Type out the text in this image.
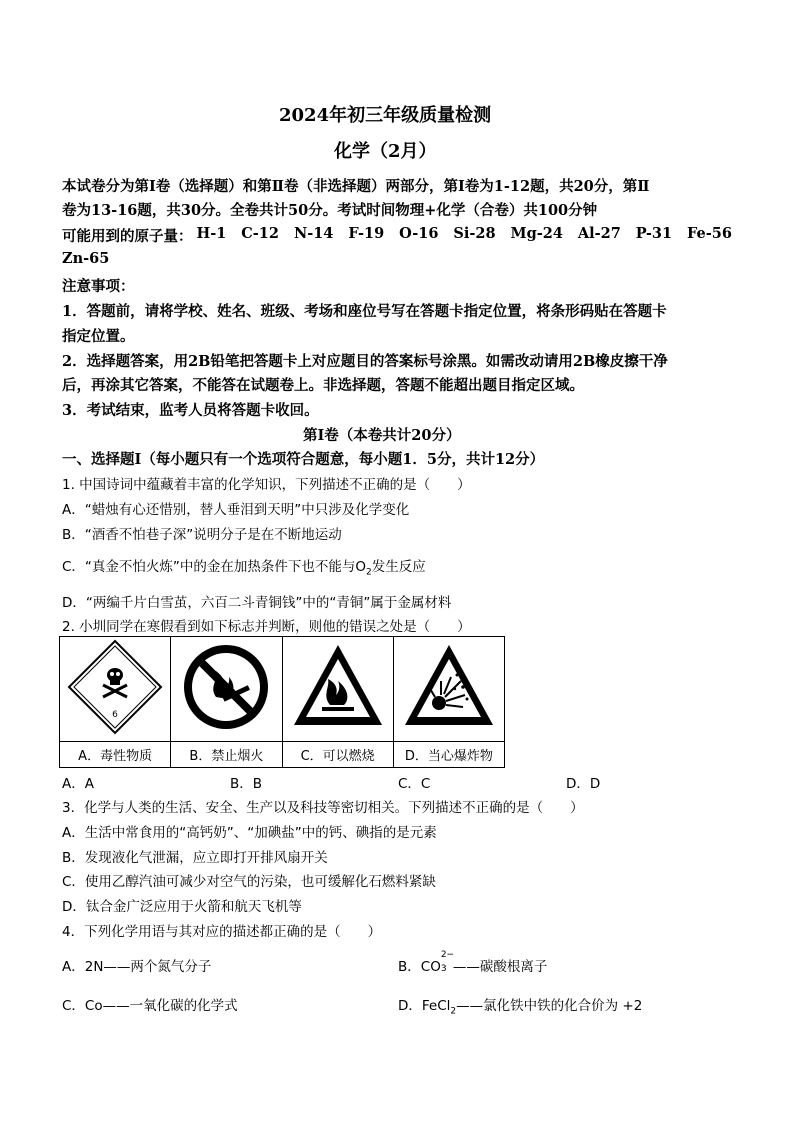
2024年初三年级质量检测
化学（2月）
本试卷分为第Ⅰ卷（选择题）和第Ⅱ卷（非选择题）两部分，第Ⅰ卷为1-12题，共20分，第Ⅱ
卷为13-16题，共30分。全卷共计50分。考试时间物理+化学（合卷）共100分钟
可能用到的原子量： H-1 C-12 N-14 F-19 O-16 Si-28 Mg-24 Al-27 P-31 Fe-56
Zn-65
注意事项：
1．答题前，请将学校、姓名、班级、考场和座位号写在答题卡指定位置，将条形码贴在答题卡
指定位置。
2．选择题答案，用2B铅笔把答题卡上对应题目的答案标号涂黑。如需改动请用2B橡皮擦干净
后，再涂其它答案，不能答在试题卷上。非选择题，答题不能超出题目指定区域。
3．考试结束，监考人员将答题卡收回。
第Ⅰ卷（本卷共计20分）
一、选择题Ⅰ（每小题只有一个选项符合题意，每小题1．5分，共计12分）
1. 中国诗词中蕴藏着丰富的化学知识，下列描述不正确的是（　　）
A．“蜡烛有心还惜别，替人垂泪到天明”中只涉及化学变化
B．“酒香不怕巷子深”说明分子是在不断地运动
C．“真金不怕火炼”中的金在加热条件下也不能与$O_2$发生反应
D．“两编千片白雪茧，六百二斗青铜钱”中的“青铜”属于金属材料
2. 小圳同学在寒假看到如下标志并判断，则他的错误之处是（　　）
6

A．毒性物质	B．禁止烟火	C．可以燃烧	D．当心爆炸物
A．A	B．B	C．C	D．D
3．化学与人类的生活、安全、生产以及科技等密切相关。下列描述不正确的是（　　）
A．生活中常食用的“高钙奶”、“加碘盐”中的钙、碘指的是元素
B．发现液化气泄漏，应立即打开排风扇开关
C．使用乙醇汽油可减少对空气的污染，也可缓解化石燃料紧缺
D．钛合金广泛应用于火箭和航天飞机等
4．下列化学用语与其对应的描述都正确的是（　　）
A．2N——两个氮气分子	B．CO
2−
3 ——碳酸根离子
C．Co——一氧化碳的化学式	D．FeCl$_2$——氯化铁中铁的化合价为 +2
